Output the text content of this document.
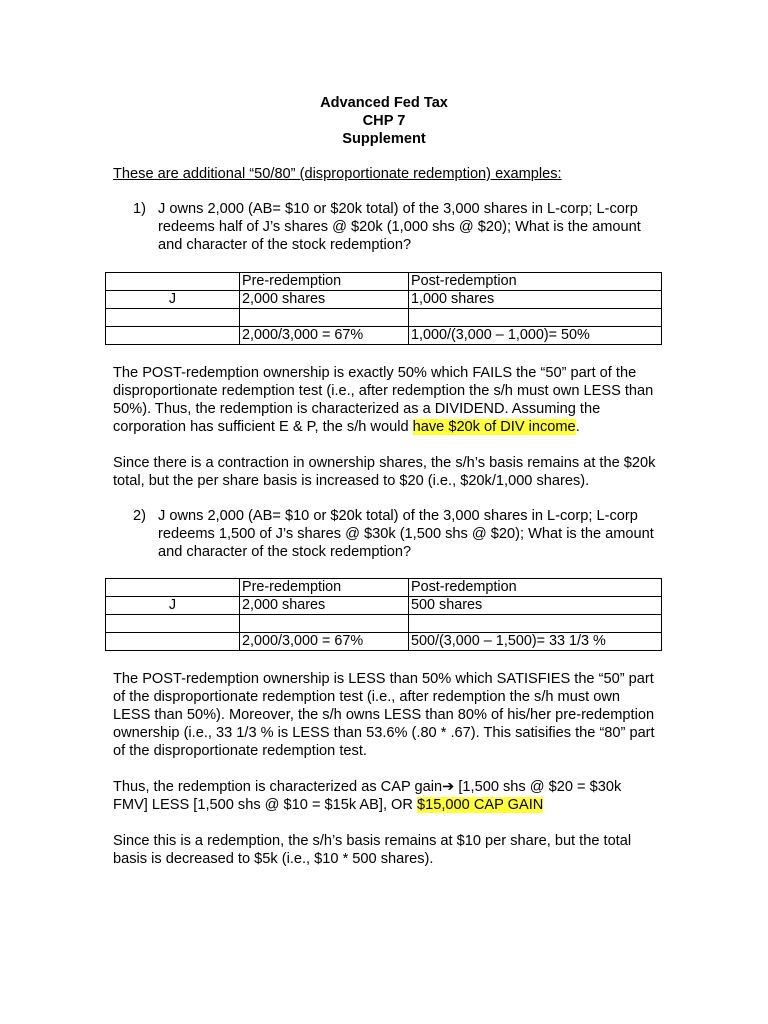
Advanced Fed Tax
CHP 7
Supplement
These are additional “50/80” (disproportionate redemption) examples:
1) J owns 2,000 (AB= $10 or $20k total) of the 3,000 shares in L-corp; L-corp redeems half of J’s shares @ $20k (1,000 shs @ $20); What is the amount and character of the stock redemption?
	Pre-redemption	Post-redemption
J	2,000 shares	1,000 shares

	2,000/3,000 = 67%	1,000/(3,000 – 1,000)= 50%
The POST-redemption ownership is exactly 50% which FAILS the “50” part of the disproportionate redemption test (i.e., after redemption the s/h must own LESS than 50%). Thus, the redemption is characterized as a DIVIDEND. Assuming the corporation has sufficient E & P, the s/h would have $20k of DIV income.
Since there is a contraction in ownership shares, the s/h’s basis remains at the $20k total, but the per share basis is increased to $20 (i.e., $20k/1,000 shares).
2) J owns 2,000 (AB= $10 or $20k total) of the 3,000 shares in L-corp; L-corp redeems 1,500 of J’s shares @ $30k (1,500 shs @ $20); What is the amount and character of the stock redemption?
	Pre-redemption	Post-redemption
J	2,000 shares	500 shares

	2,000/3,000 = 67%	500/(3,000 – 1,500)= 33 1/3 %
The POST-redemption ownership is LESS than 50% which SATISFIES the “50” part of the disproportionate redemption test (i.e., after redemption the s/h must own LESS than 50%). Moreover, the s/h owns LESS than 80% of his/her pre-redemption ownership (i.e., 33 1/3 % is LESS than 53.6% (.80 * .67). This satisifies the “80” part of the disproportionate redemption test.
Thus, the redemption is characterized as CAP gain➔ [1,500 shs @ $20 = $30k FMV] LESS [1,500 shs @ $10 = $15k AB], OR $15,000 CAP GAIN
Since this is a redemption, the s/h’s basis remains at $10 per share, but the total basis is decreased to $5k (i.e., $10 * 500 shares).
